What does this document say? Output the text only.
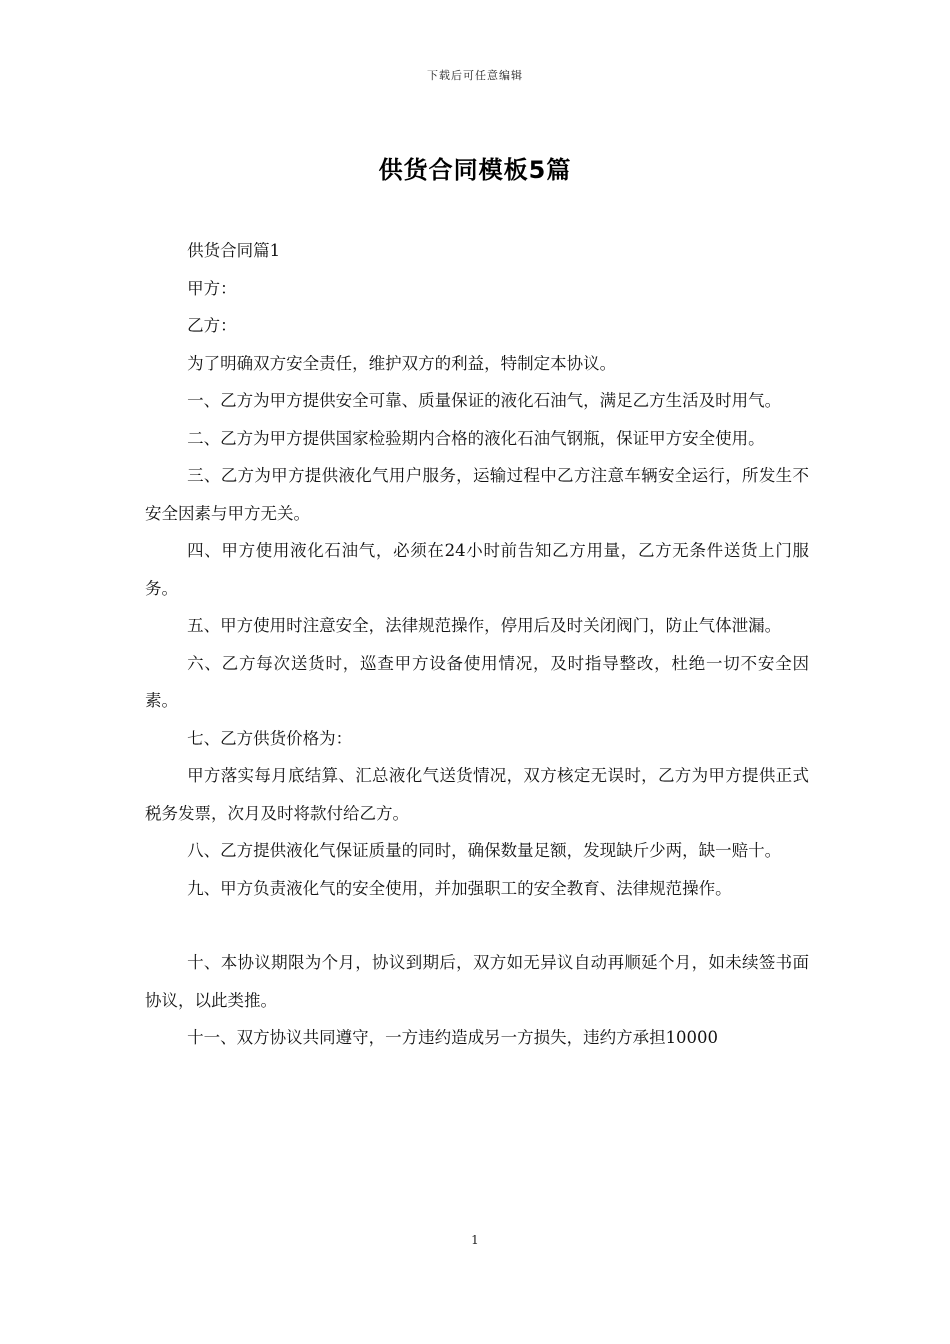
下载后可任意编辑
供货合同模板5篇

供货合同篇1

甲方：

乙方：

为了明确双方安全责任，维护双方的利益，特制定本协议。

一、乙方为甲方提供安全可靠、质量保证的液化石油气，满足乙方生活及时用气。

二、乙方为甲方提供国家检验期内合格的液化石油气钢瓶，保证甲方安全使用。

三、乙方为甲方提供液化气用户服务，运输过程中乙方注意车辆安全运行，所发生不安全因素与甲方无关。

四、甲方使用液化石油气，必须在24小时前告知乙方用量，乙方无条件送货上门服务。

五、甲方使用时注意安全，法律规范操作，停用后及时关闭阀门，防止气体泄漏。

六、乙方每次送货时，巡查甲方设备使用情况，及时指导整改，杜绝一切不安全因素。

七、乙方供货价格为：

甲方落实每月底结算、汇总液化气送货情况，双方核定无误时，乙方为甲方提供正式税务发票，次月及时将款付给乙方。

八、乙方提供液化气保证质量的同时，确保数量足额，发现缺斤少两，缺一赔十。

九、甲方负责液化气的安全使用，并加强职工的安全教育、法律规范操作。

十、本协议期限为个月，协议到期后，双方如无异议自动再顺延个月，如未续签书面协议，以此类推。

十一、双方协议共同遵守，一方违约造成另一方损失，违约方承担10000

1
